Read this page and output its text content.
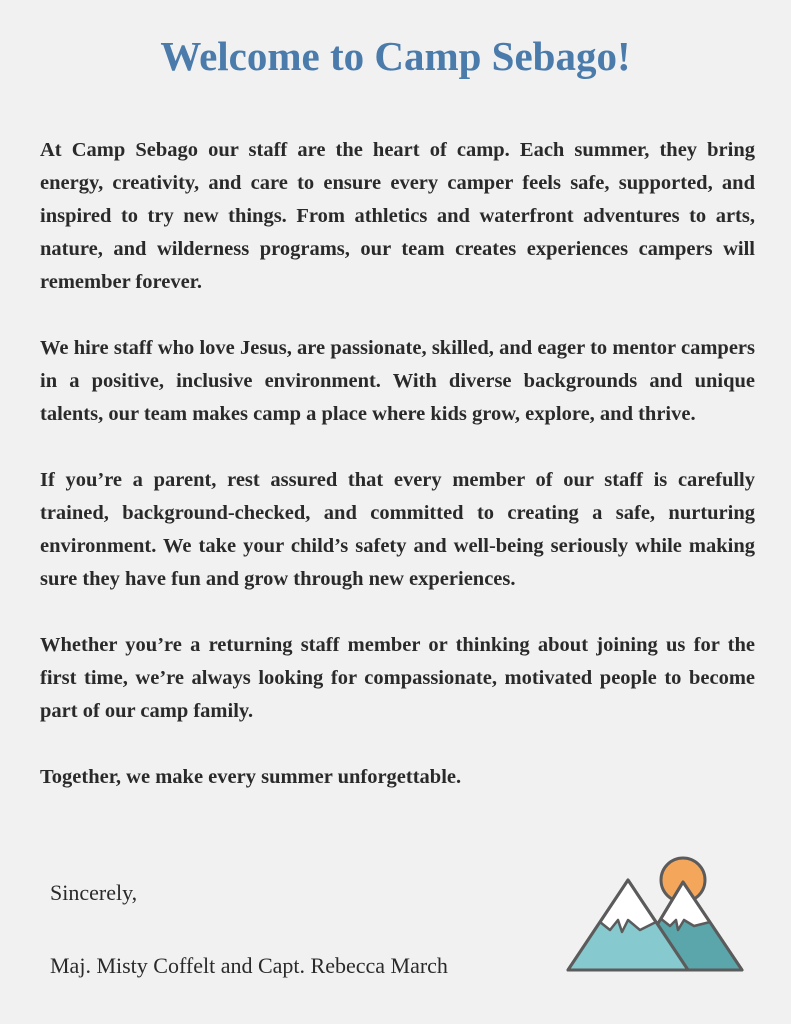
Welcome to Camp Sebago!

At Camp Sebago our staff are the heart of camp. Each summer, they bring energy, creativity, and care to ensure every camper feels safe, supported, and inspired to try new things. From athletics and waterfront adventures to arts, nature, and wilderness programs, our team creates experiences campers will remember forever.

We hire staff who love Jesus, are passionate, skilled, and eager to mentor campers in a positive, inclusive environment. With diverse backgrounds and unique talents, our team makes camp a place where kids grow, explore, and thrive.

If you’re a parent, rest assured that every member of our staff is carefully trained, background-checked, and committed to creating a safe, nurturing environment. We take your child’s safety and well-being seriously while making sure they have fun and grow through new experiences.

Whether you’re a returning staff member or thinking about joining us for the first time, we’re always looking for compassionate, motivated people to become part of our camp family.

Together, we make every summer unforgettable.

Sincerely,
Maj. Misty Coffelt and Capt. Rebecca March
